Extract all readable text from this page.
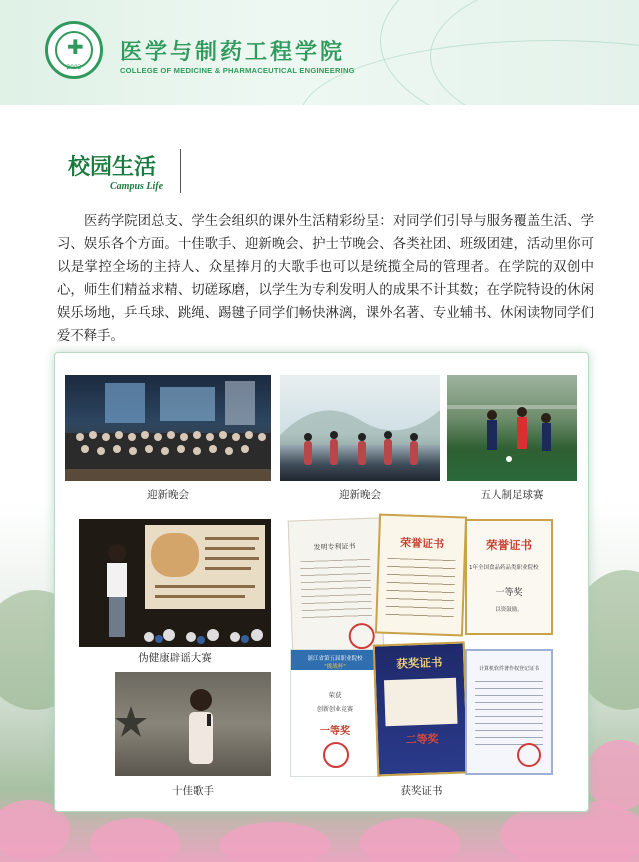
✚
2002
医学与制药工程学院
COLLEGE OF MEDICINE & PHARMACEUTICAL ENGINEERING
校园生活
Campus Life

医药学院团总支、学生会组织的课外生活精彩纷呈：对同学们引导与服务覆盖生活、学习、娱乐各个方面。十佳歌手、迎新晚会、护士节晚会、各类社团、班级团建，活动里你可以是掌控全场的主持人、众星捧月的大歌手也可以是统揽全局的管理者。在学院的双创中心，师生们精益求精、切磋琢磨，以学生为专利发明人的成果不计其数；在学院特设的休闲娱乐场地，乒乓球、跳绳、踢毽子同学们畅快淋漓，课外名著、专业辅书、休闲读物同学们爱不释手。

迎新晚会	迎新晚会	五人制足球赛
伪健康辟谣大赛
十佳歌手
发明专利证书	荣誉证书	荣誉证书
1年全国食品药品类职业院校
一等奖
以资鼓励。
浙江省第五届职业院校
"挑战杯"
荣获
创新创业竞赛
一等奖
获奖证书
二等奖
计算机软件著作权登记证书
获奖证书
